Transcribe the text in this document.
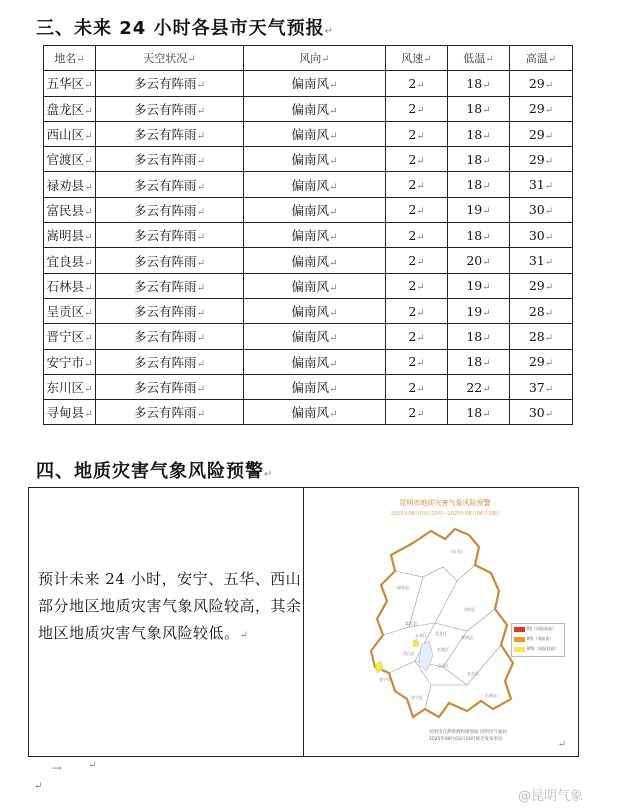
三、未来 24 小时各县市天气预报↵
地名↵	天空状况↵	风向↵	风速↵	低温↵	高温↵
五华区↵	多云有阵雨↵	偏南风↵	2↵	18↵	29↵
盘龙区↵	多云有阵雨↵	偏南风↵	2↵	18↵	29↵
西山区↵	多云有阵雨↵	偏南风↵	2↵	18↵	29↵
官渡区↵	多云有阵雨↵	偏南风↵	2↵	18↵	29↵
禄劝县↵	多云有阵雨↵	偏南风↵	2↵	18↵	31↵
富民县↵	多云有阵雨↵	偏南风↵	2↵	19↵	30↵
嵩明县↵	多云有阵雨↵	偏南风↵	2↵	18↵	30↵
宜良县↵	多云有阵雨↵	偏南风↵	2↵	20↵	31↵
石林县↵	多云有阵雨↵	偏南风↵	2↵	19↵	29↵
呈贡区↵	多云有阵雨↵	偏南风↵	2↵	19↵	28↵
晋宁区↵	多云有阵雨↵	偏南风↵	2↵	18↵	28↵
安宁市↵	多云有阵雨↵	偏南风↵	2↵	18↵	29↵
东川区↵	多云有阵雨↵	偏南风↵	2↵	22↵	37↵
寻甸县↵	多云有阵雨↵	偏南风↵	2↵	18↵	30↵
四、地质灾害气象风险预警↵
预计未来 24 小时，安宁、五华、西山部分地区地质灾害气象风险较高，其余地区地质灾害气象风险较低。↵
昆明市地质灾害气象风险预警
2025年08月03日20时—2025年08月04日20时
东川区
禄劝县
寻甸县
嵩明县
富民县
五华区 盘龙区
官渡区
西山区
安宁市
呈贡区
宜良县
石林县
晋宁区
I级（风险很高）
II级（风险高）
III级（风险较高）
昆明市自然资源和规划局 昆明市气象局
2025年08月03日16时联合发布单位	↵
→	↵
↵
@昆明气象
